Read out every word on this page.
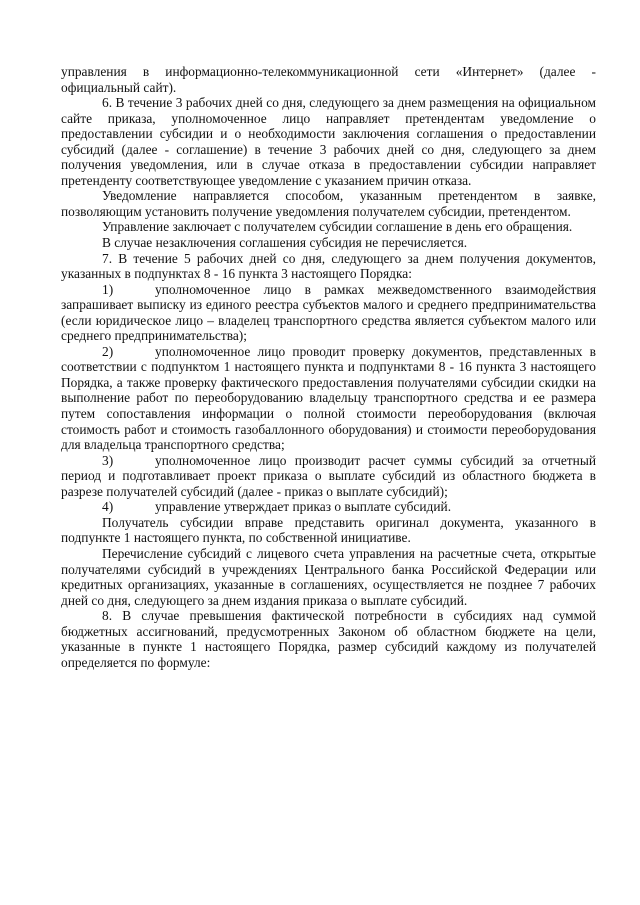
управления в информационно-телекоммуникационной сети «Интернет» (далее - официальный сайт).

6. В течение 3 рабочих дней со дня, следующего за днем размещения на официальном сайте приказа, уполномоченное лицо направляет претендентам уведомление о предоставлении субсидии и о необходимости заключения соглашения о предоставлении субсидий (далее - соглашение) в течение 3 рабочих дней со дня, следующего за днем получения уведомления, или в случае отказа в предоставлении субсидии направляет претенденту соответствующее уведомление с указанием причин отказа.

Уведомление направляется способом, указанным претендентом в заявке, позволяющим установить получение уведомления получателем субсидии, претендентом.

Управление заключает с получателем субсидии соглашение в день его обращения.

В случае незаключения соглашения субсидия не перечисляется.

7. В течение 5 рабочих дней со дня, следующего за днем получения документов, указанных в подпунктах 8 - 16 пункта 3 настоящего Порядка:

1)	уполномоченное лицо в рамках межведомственного взаимодействия запрашивает выписку из единого реестра субъектов малого и среднего предпринимательства (если юридическое лицо – владелец транспортного средства является субъектом малого или среднего предпринимательства);

2)	уполномоченное лицо проводит проверку документов, представленных в соответствии с подпунктом 1 настоящего пункта и подпунктами 8 - 16 пункта 3 настоящего Порядка, а также проверку фактического предоставления получателями субсидии скидки на выполнение работ по переоборудованию владельцу транспортного средства и ее размера путем сопоставления информации о полной стоимости переоборудования (включая стоимость работ и стоимость газобаллонного оборудования) и стоимости переоборудования для владельца транспортного средства;

3)	уполномоченное лицо производит расчет суммы субсидий за отчетный период и подготавливает проект приказа о выплате субсидий из областного бюджета в разрезе получателей субсидий (далее - приказ о выплате субсидий);

4)	управление утверждает приказ о выплате субсидий.

Получатель субсидии вправе представить оригинал документа, указанного в подпункте 1 настоящего пункта, по собственной инициативе.

Перечисление субсидий с лицевого счета управления на расчетные счета, открытые получателями субсидий в учреждениях Центрального банка Российской Федерации или кредитных организациях, указанные в соглашениях, осуществляется не позднее 7 рабочих дней со дня, следующего за днем издания приказа о выплате субсидий.

8. В случае превышения фактической потребности в субсидиях над суммой бюджетных ассигнований, предусмотренных Законом об областном бюджете на цели, указанные в пункте 1 настоящего Порядка, размер субсидий каждому из получателей определяется по формуле:
